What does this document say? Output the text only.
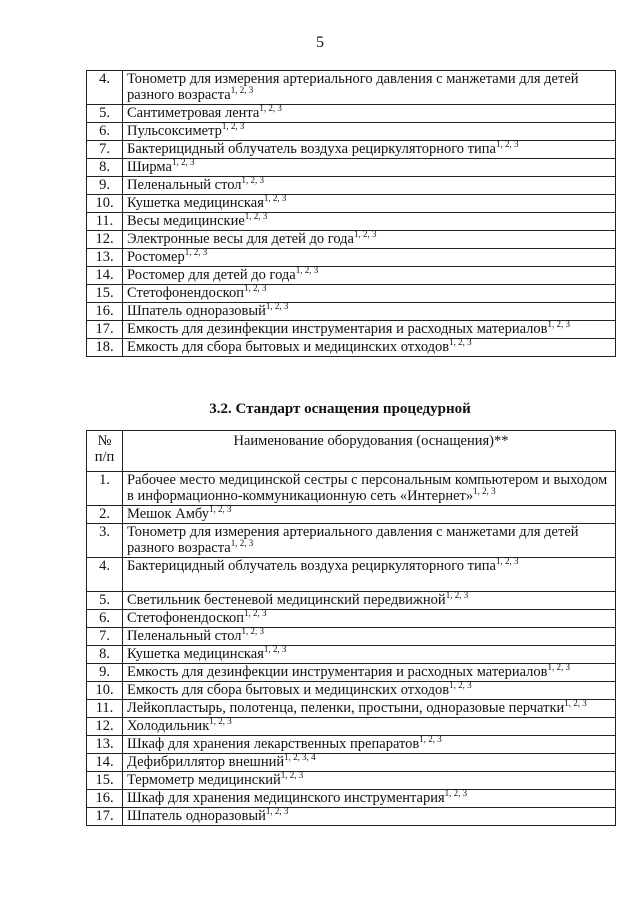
5
4.	Тонометр для измерения артериального давления с манжетами для детей разного возраста$^{1, 2, 3}$
5.	Сантиметровая лента$^{1, 2, 3}$
6.	Пульсоксиметр$^{1, 2, 3}$
7.	Бактерицидный облучатель воздуха рециркуляторного типа$^{1, 2, 3}$
8.	Ширма$^{1, 2, 3}$
9.	Пеленальный стол$^{1, 2, 3}$
10.	Кушетка медицинская$^{1, 2, 3}$
11.	Весы медицинские$^{1, 2, 3}$
12.	Электронные весы для детей до года$^{1, 2, 3}$
13.	Ростомер$^{1, 2, 3}$
14.	Ростомер для детей до года$^{1, 2, 3}$
15.	Стетофонендоскоп$^{1, 2, 3}$
16.	Шпатель одноразовый$^{1, 2, 3}$
17.	Емкость для дезинфекции инструментария и расходных материалов$^{1, 2, 3}$
18.	Емкость для сбора бытовых и медицинских отходов$^{1, 2, 3}$
3.2. Стандарт оснащения процедурной
№
п/п	Наименование оборудования (оснащения)**
1.	Рабочее место медицинской сестры с персональным компьютером и выходом в информационно-коммуникационную сеть «Интернет»$^{1, 2, 3}$
2.	Мешок Амбу$^{1, 2, 3}$
3.	Тонометр для измерения артериального давления с манжетами для детей разного возраста$^{1, 2, 3}$
4.	Бактерицидный облучатель воздуха рециркуляторного типа$^{1, 2, 3}$
5.	Светильник бестеневой медицинский передвижной$^{1, 2, 3}$
6.	Стетофонендоскоп$^{1, 2, 3}$
7.	Пеленальный стол$^{1, 2, 3}$
8.	Кушетка медицинская$^{1, 2, 3}$
9.	Емкость для дезинфекции инструментария и расходных материалов$^{1, 2, 3}$
10.	Емкость для сбора бытовых и медицинских отходов$^{1, 2, 3}$
11.	Лейкопластырь, полотенца, пеленки, простыни, одноразовые перчатки$^{1, 2, 3}$
12.	Холодильник$^{1, 2, 3}$
13.	Шкаф для хранения лекарственных препаратов$^{1, 2, 3}$
14.	Дефибриллятор внешний$^{1, 2, 3, 4}$
15.	Термометр медицинский$^{1, 2, 3}$
16.	Шкаф для хранения медицинского инструментария$^{1, 2, 3}$
17.	Шпатель одноразовый$^{1, 2, 3}$
